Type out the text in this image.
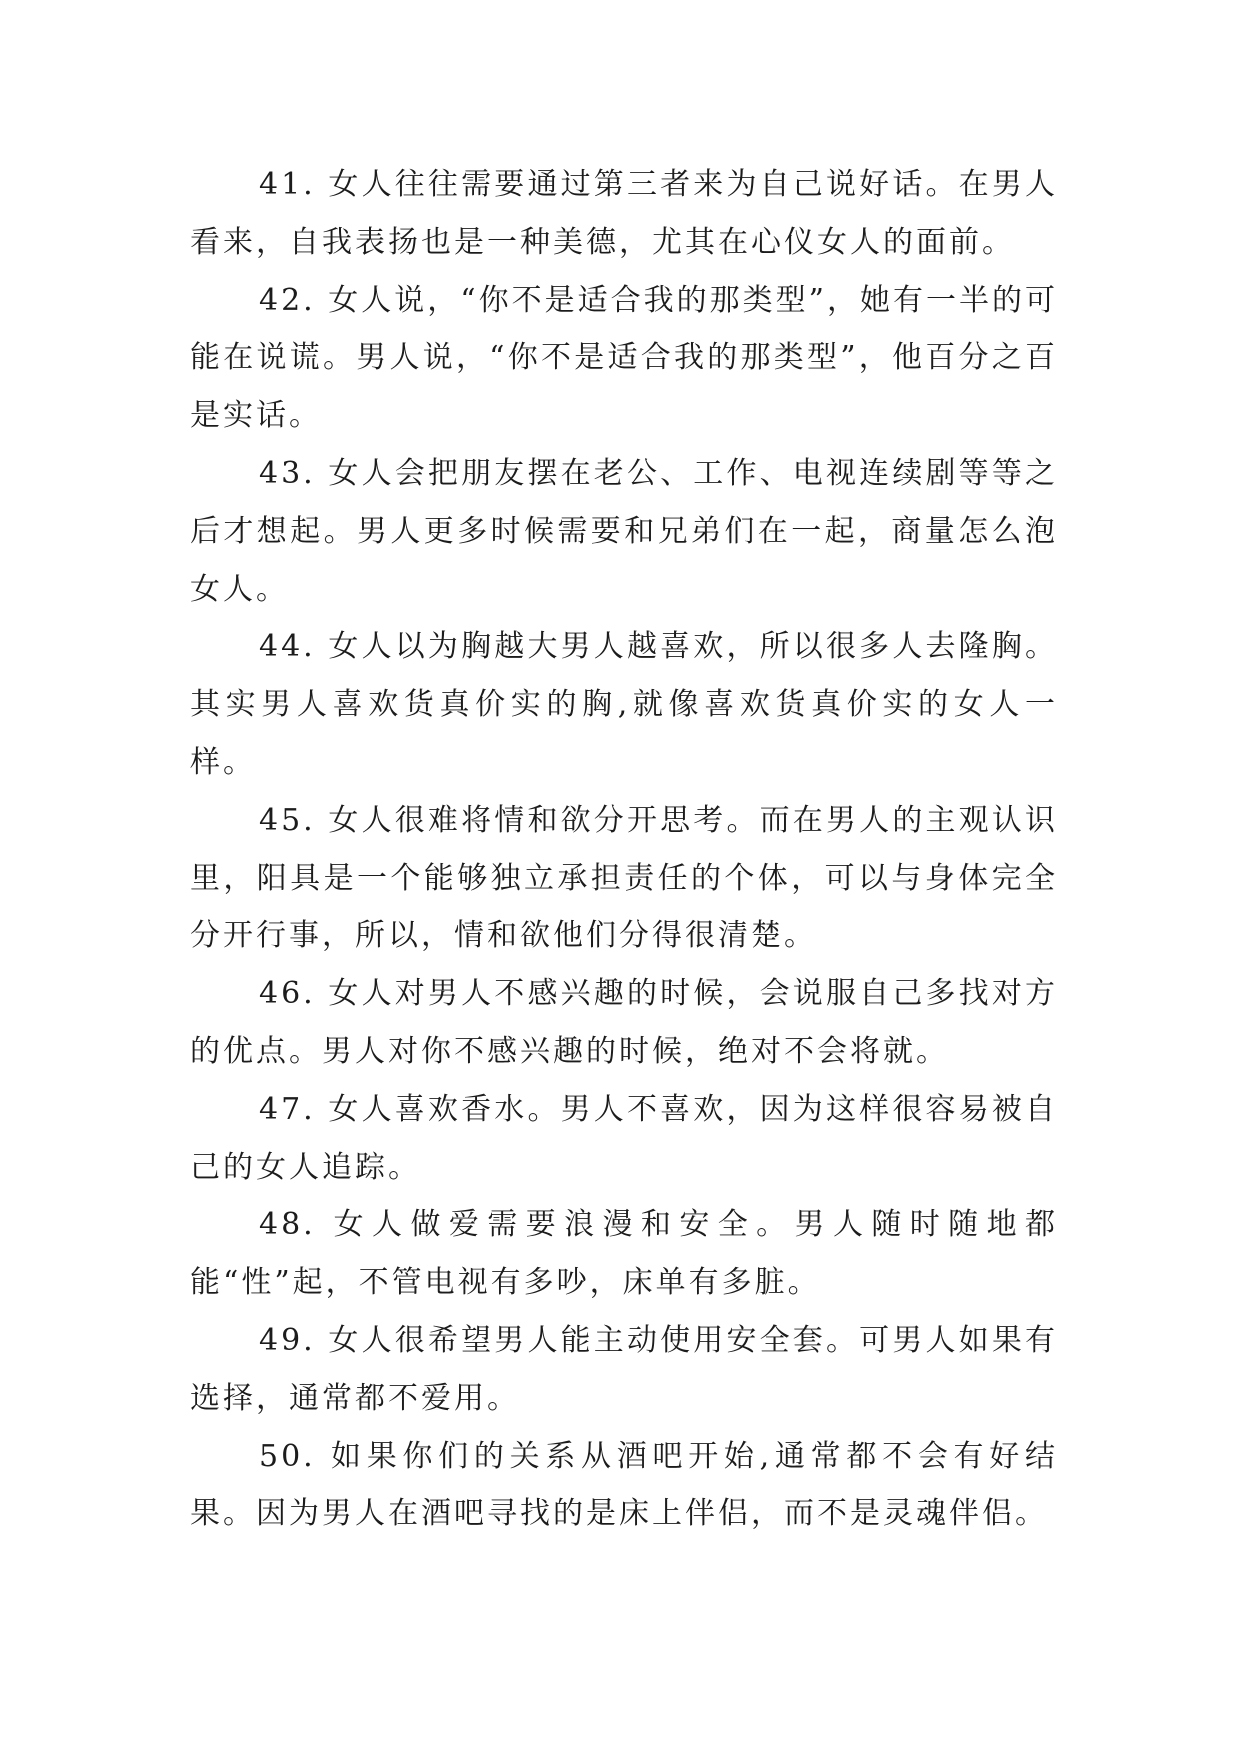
41. 女人往往需要通过第三者来为自己说好话。在男人看来，自我表扬也是一种美德，尤其在心仪女人的面前。

42. 女人说，“你不是适合我的那类型”，她有一半的可能在说谎。男人说，“你不是适合我的那类型”，他百分之百是实话。

43. 女人会把朋友摆在老公、工作、电视连续剧等等之后才想起。男人更多时候需要和兄弟们在一起，商量怎么泡女人。

44. 女人以为胸越大男人越喜欢，所以很多人去隆胸。其实男人喜欢货真价实的胸,就像喜欢货真价实的女人一样。

45. 女人很难将情和欲分开思考。而在男人的主观认识里，阳具是一个能够独立承担责任的个体，可以与身体完全分开行事，所以，情和欲他们分得很清楚。

46. 女人对男人不感兴趣的时候，会说服自己多找对方的优点。男人对你不感兴趣的时候，绝对不会将就。

47. 女人喜欢香水。男人不喜欢，因为这样很容易被自己的女人追踪。

48. 女人做爱需要浪漫和安全。男人随时随地都能“性”起，不管电视有多吵，床单有多脏。

49. 女人很希望男人能主动使用安全套。可男人如果有选择，通常都不爱用。

50. 如果你们的关系从酒吧开始,通常都不会有好结果。因为男人在酒吧寻找的是床上伴侣，而不是灵魂伴侣。
